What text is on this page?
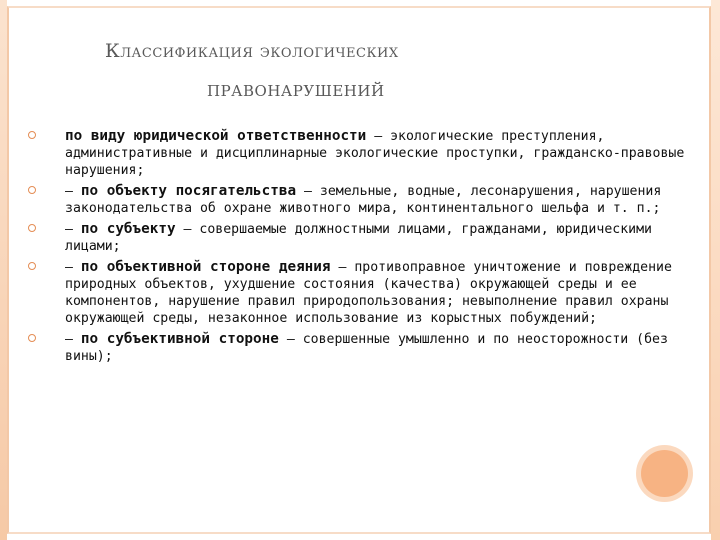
Классификация экологических
ПРАВОНАРУШЕНИЙ
по виду юридической ответственности – экологические преступления, административные и дисциплинарные экологические проступки, гражданско-правовые нарушения;
– по объекту посягательства – земельные, водные, лесонарушения, нарушения законодательства об охране животного мира, континентального шельфа и т. п.;
– по субъекту – совершаемые должностными лицами, гражданами, юридическими лицами;
– по объективной стороне деяния – противоправное уничтожение и повреждение природных объектов, ухудшение состояния (качества) окружающей среды и ее компонентов, нарушение правил природопользования; невыполнение правил охраны окружающей среды, незаконное использование из корыстных побуждений;
– по субъективной стороне – совершенные умышленно и по неосторожности (без вины);
